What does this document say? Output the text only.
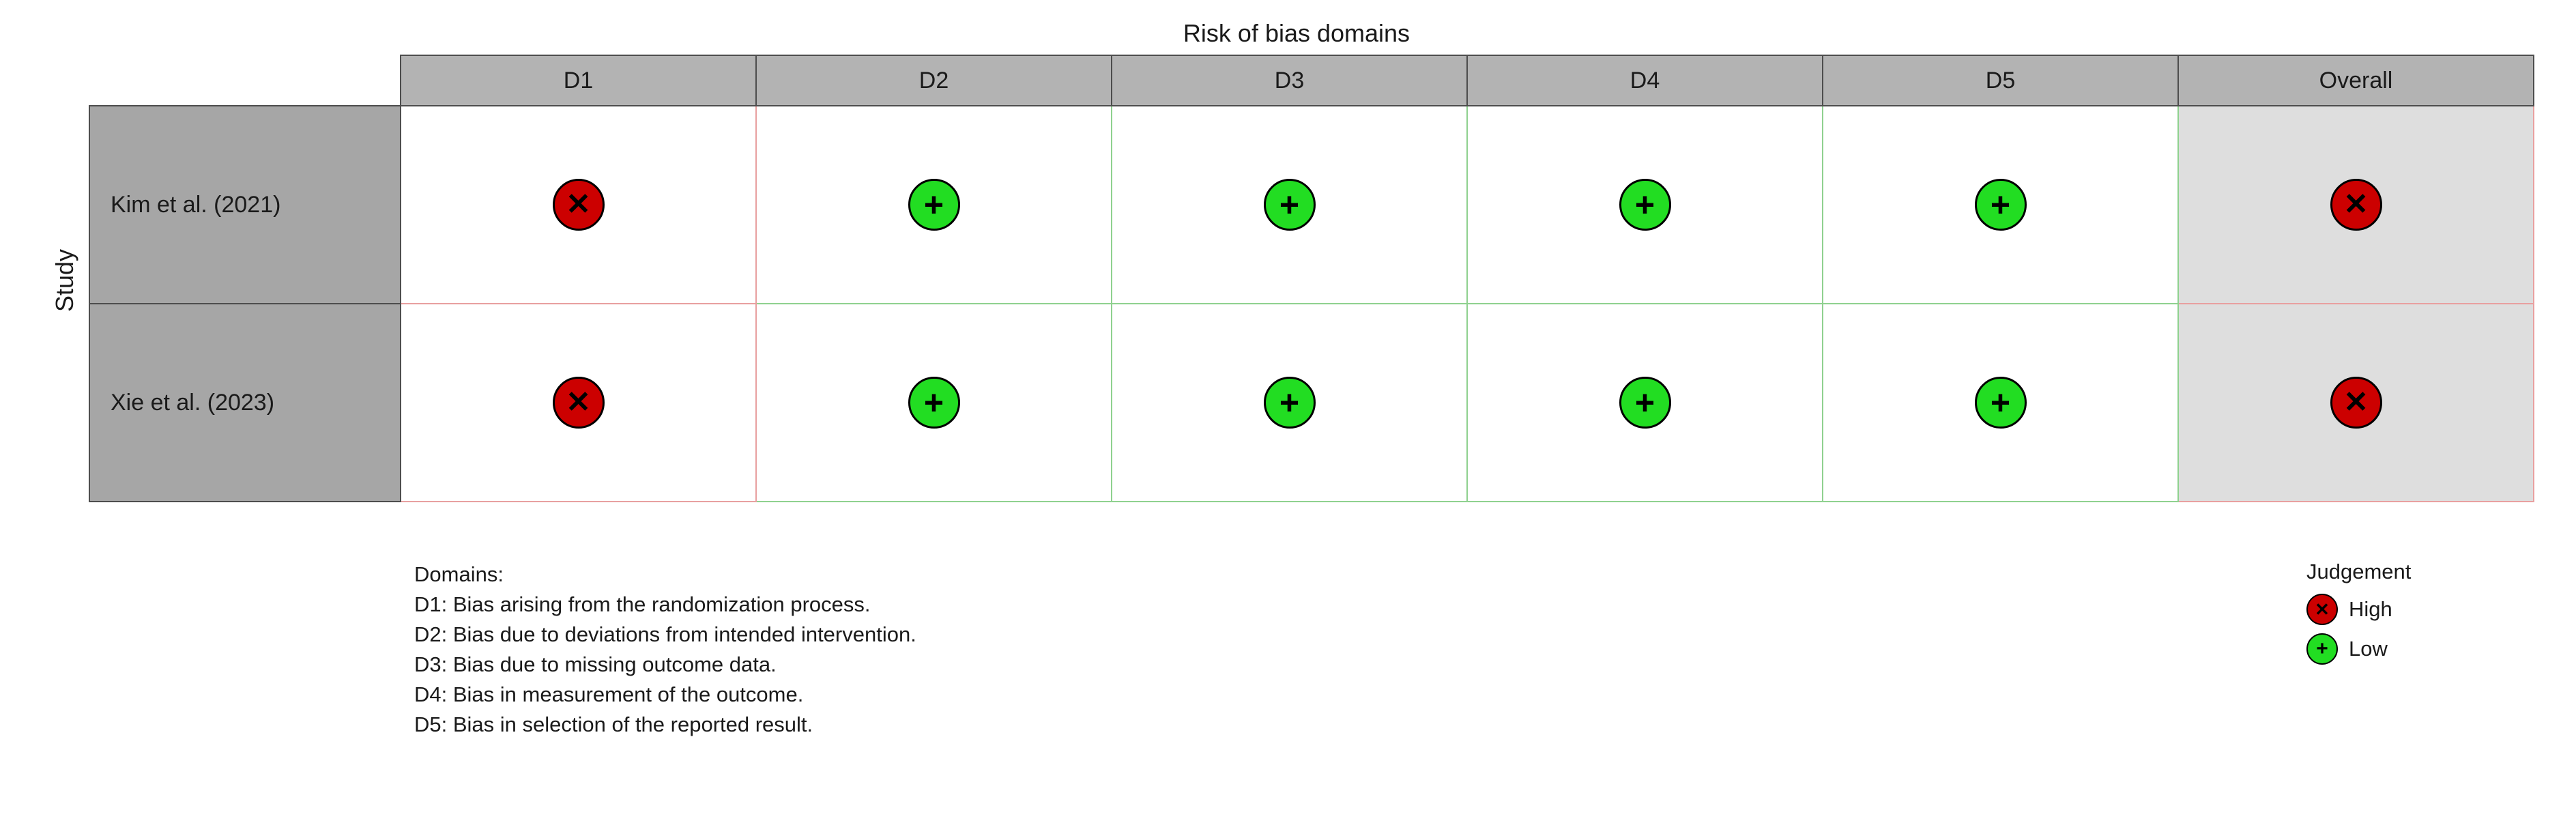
Risk of bias domains
Study
	D1	D2	D3	D4	D5	Overall
Kim et al. (2021)	✕	+	+	+	+	✕

Xie et al. (2023)	✕	+	+	+	+	✕
Domains:
D1: Bias arising from the randomization process.
D2: Bias due to deviations from intended intervention.
D3: Bias due to missing outcome data.
D4: Bias in measurement of the outcome.
D5: Bias in selection of the reported result.
Judgement
✕ High
+ Low
